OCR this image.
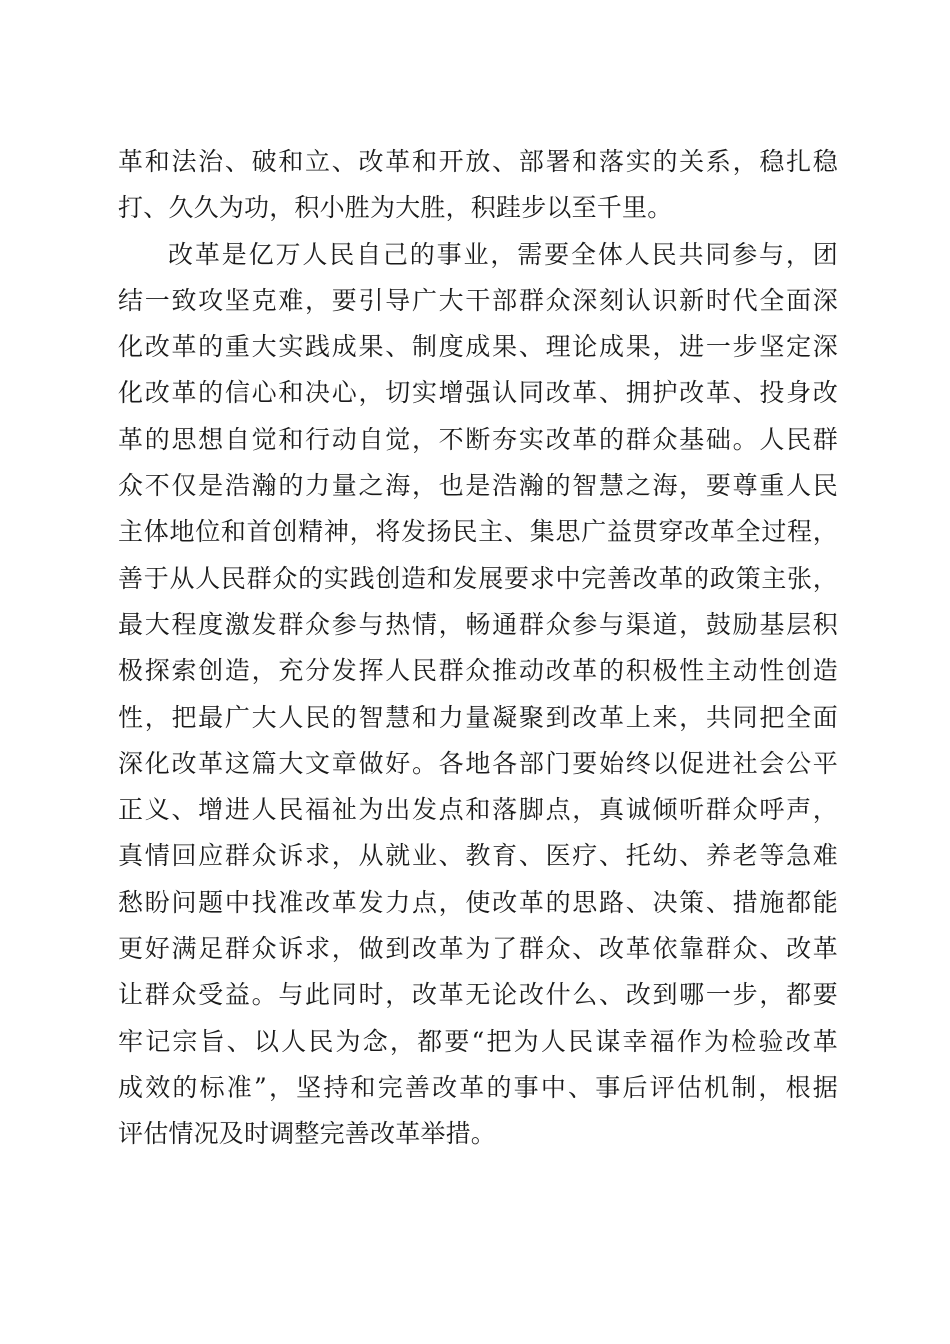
革和法治、破和立、改革和开放、部署和落实的关系，稳扎稳
打、久久为功，积小胜为大胜，积跬步以至千里。
改革是亿万人民自己的事业，需要全体人民共同参与，团
结一致攻坚克难，要引导广大干部群众深刻认识新时代全面深
化改革的重大实践成果、制度成果、理论成果，进一步坚定深
化改革的信心和决心，切实增强认同改革、拥护改革、投身改
革的思想自觉和行动自觉，不断夯实改革的群众基础。人民群
众不仅是浩瀚的力量之海，也是浩瀚的智慧之海，要尊重人民
主体地位和首创精神，将发扬民主、集思广益贯穿改革全过程，
善于从人民群众的实践创造和发展要求中完善改革的政策主张，
最大程度激发群众参与热情，畅通群众参与渠道，鼓励基层积
极探索创造，充分发挥人民群众推动改革的积极性主动性创造
性，把最广大人民的智慧和力量凝聚到改革上来，共同把全面
深化改革这篇大文章做好。各地各部门要始终以促进社会公平
正义、增进人民福祉为出发点和落脚点，真诚倾听群众呼声，
真情回应群众诉求，从就业、教育、医疗、托幼、养老等急难
愁盼问题中找准改革发力点，使改革的思路、决策、措施都能
更好满足群众诉求，做到改革为了群众、改革依靠群众、改革
让群众受益。与此同时，改革无论改什么、改到哪一步，都要
牢记宗旨、以人民为念，都要“把为人民谋幸福作为检验改革
成效的标准”，坚持和完善改革的事中、事后评估机制，根据
评估情况及时调整完善改革举措。
